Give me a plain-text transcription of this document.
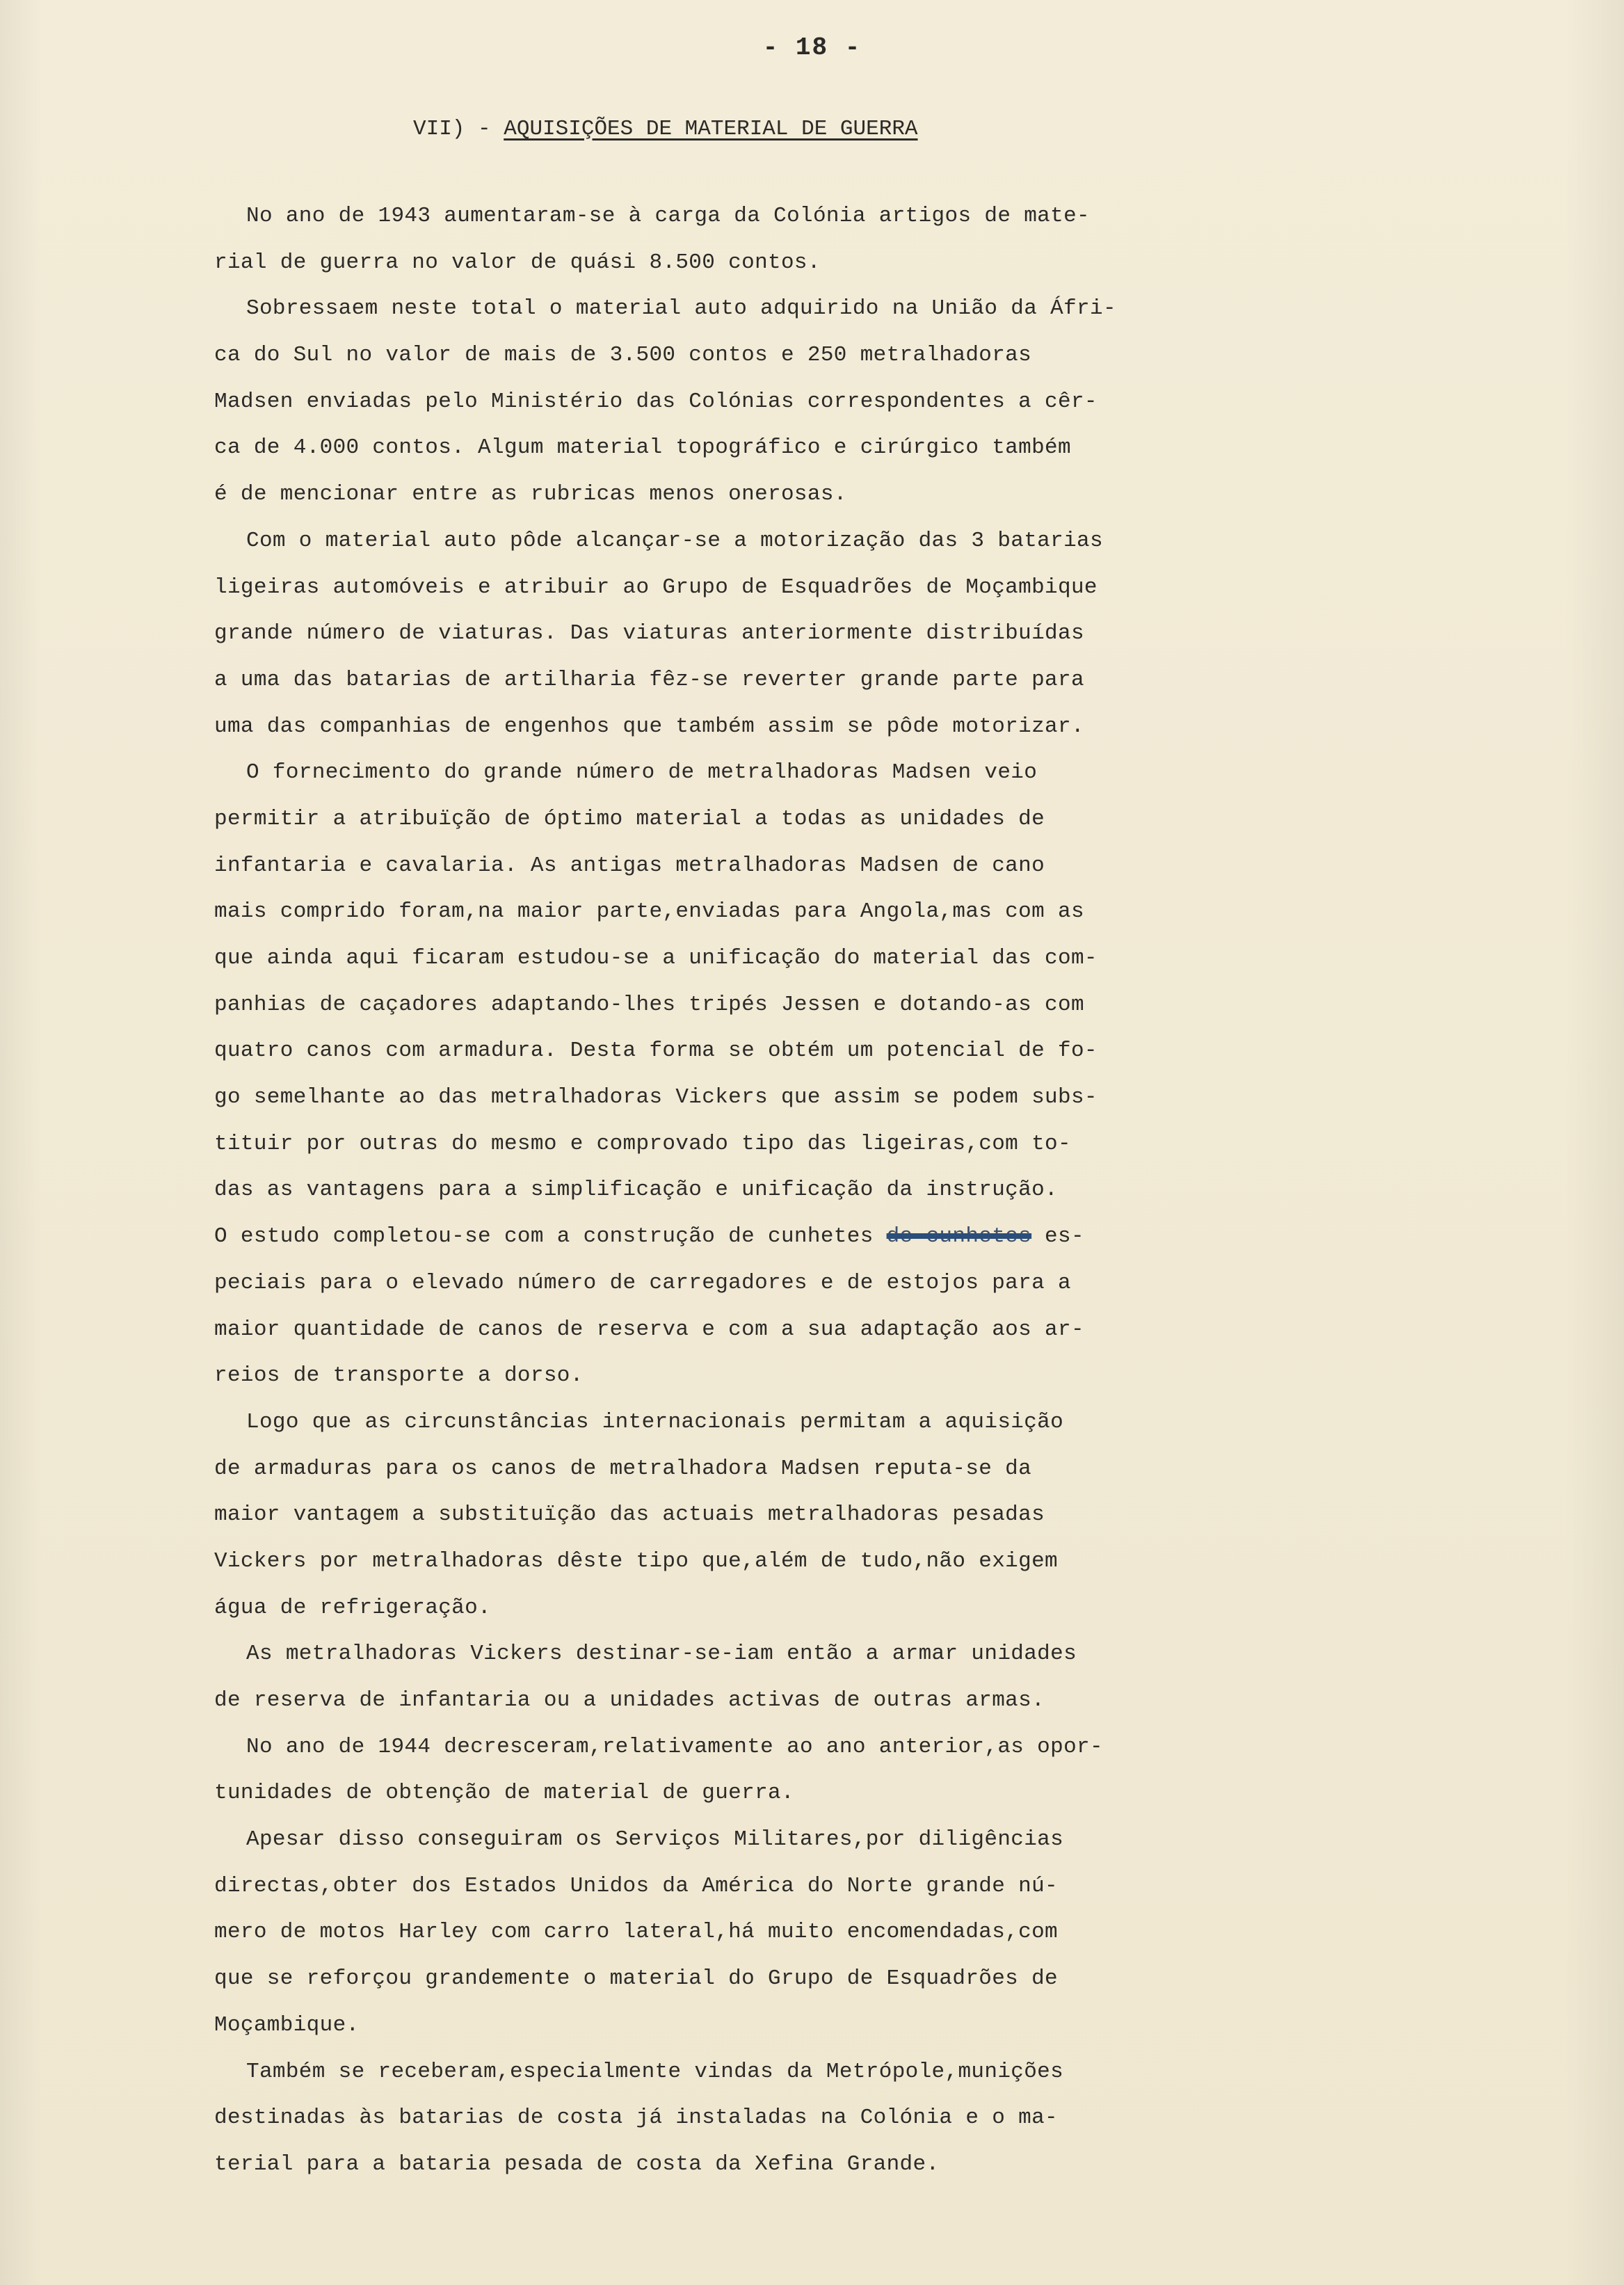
- 18 -
VII) - AQUISIÇÕES DE MATERIAL DE GUERRA
No ano de 1943 aumentaram-se à carga da Colónia artigos de mate-
rial de guerra no valor de quási 8.500 contos.
Sobressaem neste total o material auto adquirido na União da Áfri-
ca do Sul no valor de mais de 3.500 contos e 250 metralhadoras
Madsen enviadas pelo Ministério das Colónias correspondentes a cêr-
ca de 4.000 contos. Algum material topográfico e cirúrgico também
é de mencionar entre as rubricas menos onerosas.
Com o material auto pôde alcançar-se a motorização das 3 batarias
ligeiras automóveis e atribuir ao Grupo de Esquadrões de Moçambique
grande número de viaturas. Das viaturas anteriormente distribuídas
a uma das batarias de artilharia fêz-se reverter grande parte para
uma das companhias de engenhos que também assim se pôde motorizar.
O fornecimento do grande número de metralhadoras Madsen veio
permitir a atribuïção de óptimo material a todas as unidades de
infantaria e cavalaria. As antigas metralhadoras Madsen de cano
mais comprido foram,na maior parte,enviadas para Angola,mas com as
que ainda aqui ficaram estudou-se a unificação do material das com-
panhias de caçadores adaptando-lhes tripés Jessen e dotando-as com
quatro canos com armadura. Desta forma se obtém um potencial de fo-
go semelhante ao das metralhadoras Vickers que assim se podem subs-
tituir por outras do mesmo e comprovado tipo das ligeiras,com to-
das as vantagens para a simplificação e unificação da instrução.
O estudo completou-se com a construção de cunhetes de cunhetes es-
peciais para o elevado número de carregadores e de estojos para a
maior quantidade de canos de reserva e com a sua adaptação aos ar-
reios de transporte a dorso.
Logo que as circunstâncias internacionais permitam a aquisição
de armaduras para os canos de metralhadora Madsen reputa-se da
maior vantagem a substituïção das actuais metralhadoras pesadas
Vickers por metralhadoras dêste tipo que,além de tudo,não exigem
água de refrigeração.
As metralhadoras Vickers destinar-se-iam então a armar unidades
de reserva de infantaria ou a unidades activas de outras armas.
No ano de 1944 decresceram,relativamente ao ano anterior,as opor-
tunidades de obtenção de material de guerra.
Apesar disso conseguiram os Serviços Militares,por diligências
directas,obter dos Estados Unidos da América do Norte grande nú-
mero de motos Harley com carro lateral,há muito encomendadas,com
que se reforçou grandemente o material do Grupo de Esquadrões de
Moçambique.
Também se receberam,especialmente vindas da Metrópole,munições
destinadas às batarias de costa já instaladas na Colónia e o ma-
terial para a bataria pesada de costa da Xefina Grande.
